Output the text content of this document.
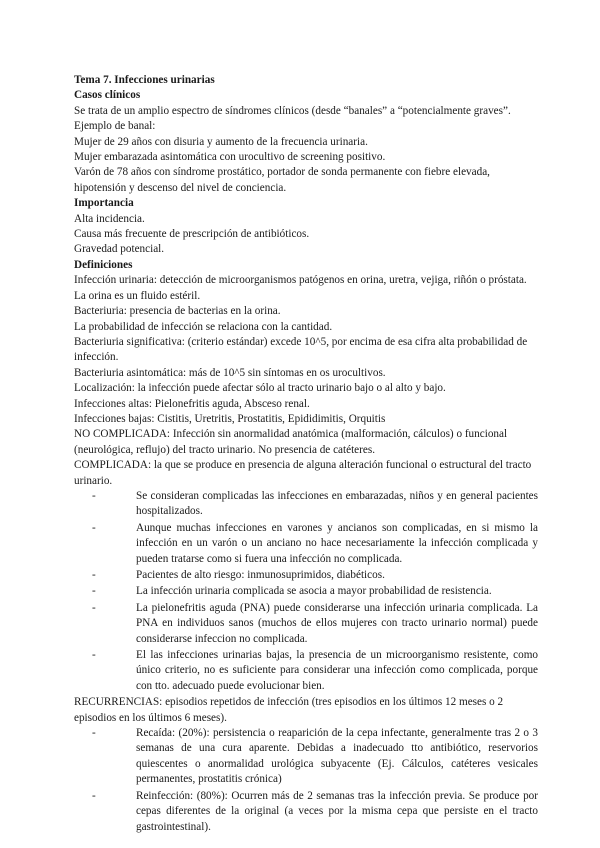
Tema 7. Infecciones urinarias
Casos clínicos
Se trata de un amplio espectro de síndromes clínicos (desde “banales” a “potencialmente graves”.
Ejemplo de banal:
Mujer de 29 años con disuria y aumento de la frecuencia urinaria.
Mujer embarazada asintomática con urocultivo de screening positivo.
Varón de 78 años con síndrome prostático, portador de sonda permanente con fiebre elevada, hipotensión y descenso del nivel de conciencia.
Importancia
Alta incidencia.
Causa más frecuente de prescripción de antibióticos.
Gravedad potencial.
Definiciones
Infección urinaria: detección de microorganismos patógenos en orina, uretra, vejiga, riñón o próstata.
La orina es un fluido estéril.
Bacteriuria: presencia de bacterias en la orina.
La probabilidad de infección se relaciona con la cantidad.
Bacteriuria significativa: (criterio estándar) excede 10^5, por encima de esa cifra alta probabilidad de infección.
Bacteriuria asintomática: más de 10^5 sin síntomas en os urocultivos.
Localización: la infección puede afectar sólo al tracto urinario bajo o al alto y bajo.
Infecciones altas: Pielonefritis aguda, Absceso renal.
Infecciones bajas: Cistitis, Uretritis, Prostatitis, Epididimitis, Orquitis
NO COMPLICADA: Infección sin anormalidad anatómica (malformación, cálculos) o funcional (neurológica, reflujo) del tracto urinario. No presencia de catéteres.
COMPLICADA: la que se produce en presencia de alguna alteración funcional o estructural del tracto urinario.
-	Se consideran complicadas las infecciones en embarazadas, niños y en general pacientes hospitalizados.
-	Aunque muchas infecciones en varones y ancianos son complicadas, en si mismo la infección en un varón o un anciano no hace necesariamente la infección complicada y pueden tratarse como si fuera una infección no complicada.
-	Pacientes de alto riesgo: inmunosuprimidos, diabéticos.
-	La infección urinaria complicada se asocia a mayor probabilidad de resistencia.
-	La pielonefritis aguda (PNA) puede considerarse una infección urinaria complicada. La PNA en individuos sanos (muchos de ellos mujeres con tracto urinario normal) puede considerarse infeccion no complicada.
-	El las infecciones urinarias bajas, la presencia de un microorganismo resistente, como único criterio, no es suficiente para considerar una infección como complicada, porque con tto. adecuado puede evolucionar bien.
RECURRENCIAS: episodios repetidos de infección (tres episodios en los últimos 12 meses o 2 episodios en los últimos 6 meses).
-	Recaída: (20%): persistencia o reaparición de la cepa infectante, generalmente tras 2 o 3 semanas de una cura aparente. Debidas a inadecuado tto antibiótico, reservorios quiescentes o anormalidad urológica subyacente (Ej. Cálculos, catéteres vesicales permanentes, prostatitis crónica)
-	Reinfección: (80%): Ocurren más de 2 semanas tras la infección previa. Se produce por cepas diferentes de la original (a veces por la misma cepa que persiste en el tracto gastrointestinal).
